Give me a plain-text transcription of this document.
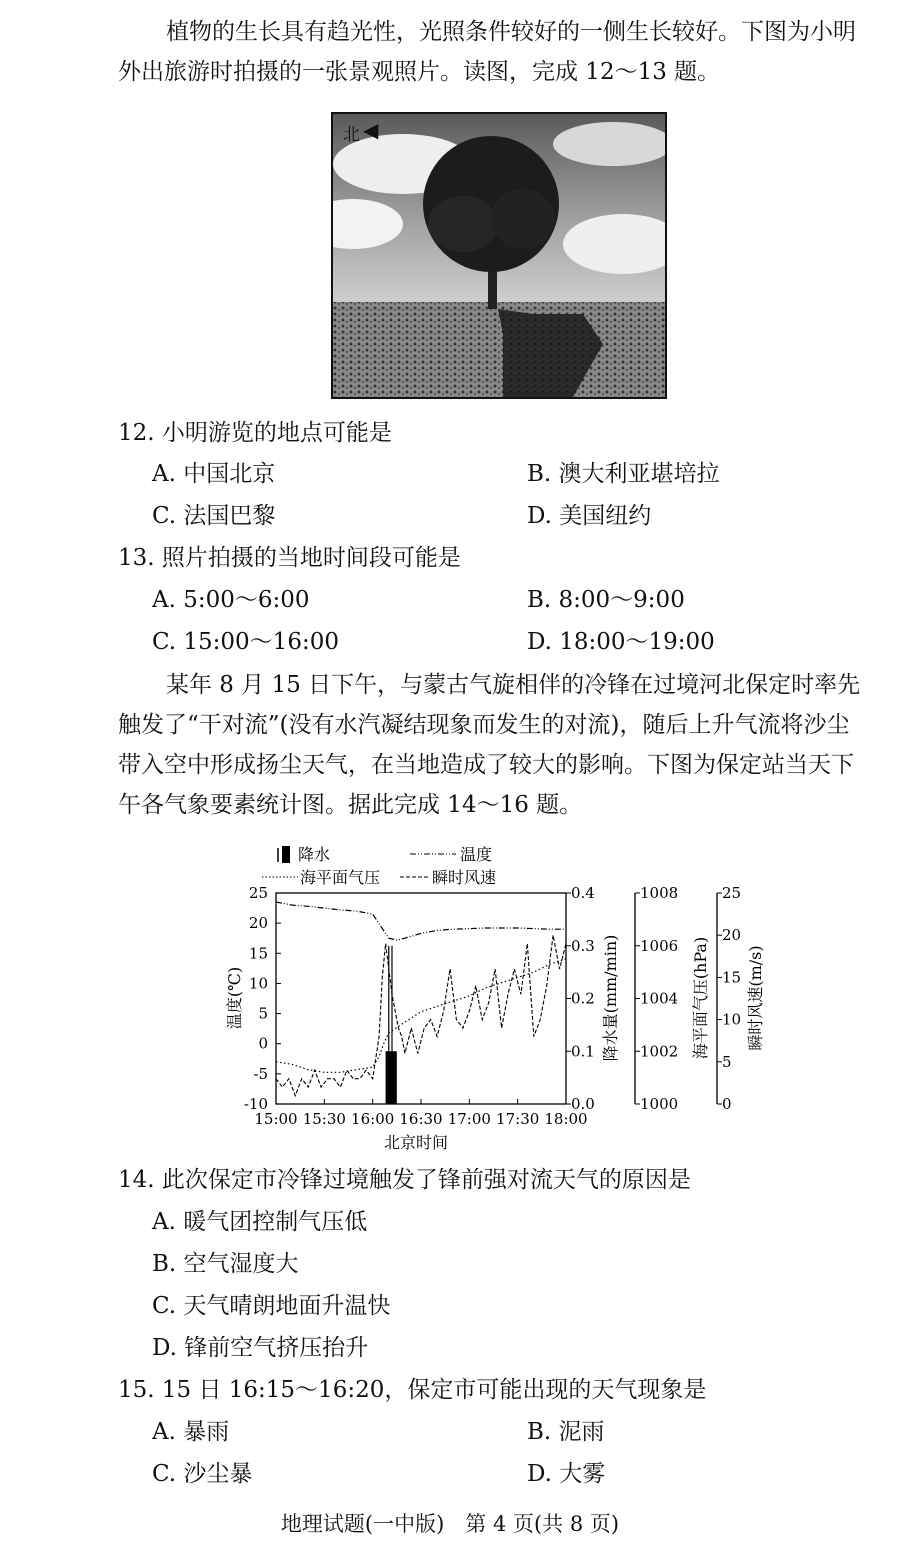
植物的生长具有趋光性，光照条件较好的一侧生长较好。下图为小明
外出旅游时拍摄的一张景观照片。读图，完成 12～13 题。
北 ◀
12. 小明游览的地点可能是
A. 中国北京	B. 澳大利亚堪培拉
C. 法国巴黎	D. 美国纽约
13. 照片拍摄的当地时间段可能是
A. 5:00～6:00	B. 8:00～9:00
C. 15:00～16:00	D. 18:00～19:00
某年 8 月 15 日下午，与蒙古气旋相伴的冷锋在过境河北保定时率先
触发了“干对流”(没有水汽凝结现象而发生的对流)，随后上升气流将沙尘
带入空中形成扬尘天气，在当地造成了较大的影响。下图为保定站当天下
午各气象要素统计图。据此完成 14～16 题。
降水	温度
海平面气压	瞬时风速
25
20
15
10
5
0
-5
-10
温度(℃)
0.4
0.3
0.2
0.1
0.0
降水量(mm/min)
1008
1006
1004
1002
1000
海平面气压(hPa)
25
20
15
10
5
0
瞬时风速(m/s)
15:00 15:30 16:00 16:30 17:00 17:30 18:00
北京时间
14. 此次保定市冷锋过境触发了锋前强对流天气的原因是
A. 暖气团控制气压低
B. 空气湿度大
C. 天气晴朗地面升温快
D. 锋前空气挤压抬升
15. 15 日 16:15～16:20，保定市可能出现的天气现象是
A. 暴雨	B. 泥雨
C. 沙尘暴	D. 大雾
地理试题(一中版)　第 4 页(共 8 页)
